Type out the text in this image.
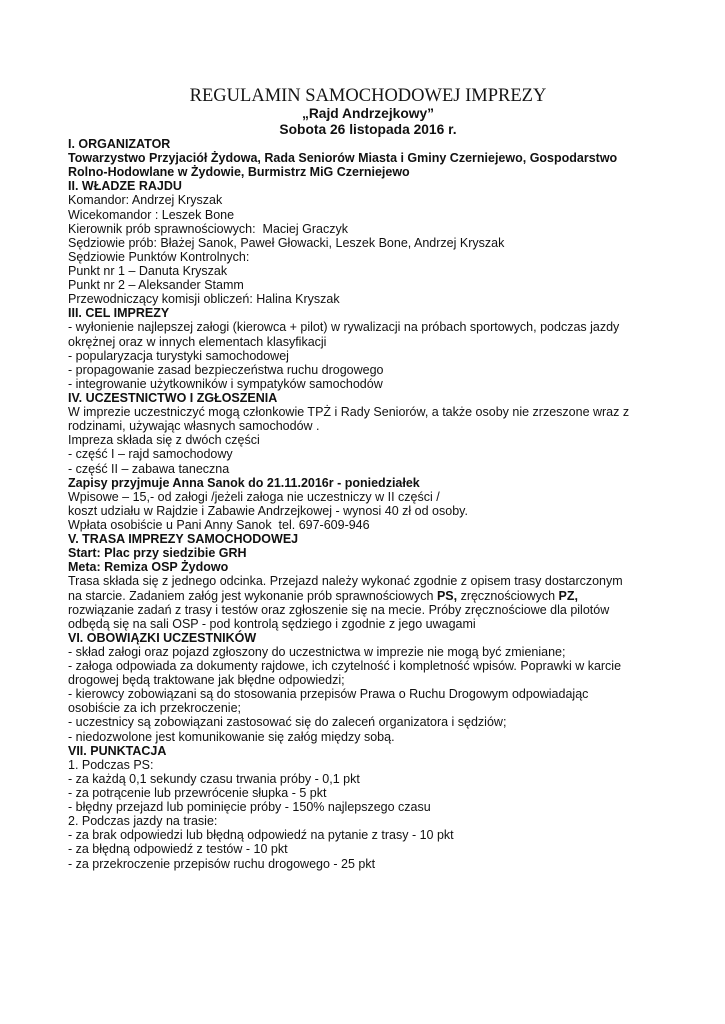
REGULAMIN SAMOCHODOWEJ IMPREZY
„Rajd Andrzejkowy”
Sobota 26 listopada 2016 r.
I. ORGANIZATOR
Towarzystwo Przyjaciół Żydowa, Rada Seniorów Miasta i Gminy Czerniejewo, Gospodarstwo
Rolno-Hodowlane w Żydowie, Burmistrz MiG Czerniejewo
II. WŁADZE RAJDU
Komandor: Andrzej Kryszak
Wicekomandor : Leszek Bone
Kierownik prób sprawnościowych:  Maciej Graczyk
Sędziowie prób: Błażej Sanok, Paweł Głowacki, Leszek Bone, Andrzej Kryszak
Sędziowie Punktów Kontrolnych:
Punkt nr 1 – Danuta Kryszak
Punkt nr 2 – Aleksander Stamm
Przewodniczący komisji obliczeń: Halina Kryszak
III. CEL IMPREZY
- wyłonienie najlepszej załogi (kierowca + pilot) w rywalizacji na próbach sportowych, podczas jazdy
okrężnej oraz w innych elementach klasyfikacji
- popularyzacja turystyki samochodowej
- propagowanie zasad bezpieczeństwa ruchu drogowego
- integrowanie użytkowników i sympatyków samochodów
IV. UCZESTNICTWO I ZGŁOSZENIA
W imprezie uczestniczyć mogą członkowie TPŻ i Rady Seniorów, a także osoby nie zrzeszone wraz z
rodzinami, używając własnych samochodów .
Impreza składa się z dwóch części
- część I – rajd samochodowy
- część II – zabawa taneczna
Zapisy przyjmuje Anna Sanok do 21.11.2016r - poniedziałek
Wpisowe – 15,- od załogi /jeżeli załoga nie uczestniczy w II części /
koszt udziału w Rajdzie i Zabawie Andrzejkowej - wynosi 40 zł od osoby.
Wpłata osobiście u Pani Anny Sanok  tel. 697-609-946
V. TRASA IMPREZY SAMOCHODOWEJ
Start: Plac przy siedzibie GRH
Meta: Remiza OSP Żydowo
Trasa składa się z jednego odcinka. Przejazd należy wykonać zgodnie z opisem trasy dostarczonym
na starcie. Zadaniem załóg jest wykonanie prób sprawnościowych PS, zręcznościowych PZ,
rozwiązanie zadań z trasy i testów oraz zgłoszenie się na mecie. Próby zręcznościowe dla pilotów
odbędą się na sali OSP - pod kontrolą sędziego i zgodnie z jego uwagami
VI. OBOWIĄZKI UCZESTNIKÓW
- skład załogi oraz pojazd zgłoszony do uczestnictwa w imprezie nie mogą być zmieniane;
- załoga odpowiada za dokumenty rajdowe, ich czytelność i kompletność wpisów. Poprawki w karcie
drogowej będą traktowane jak błędne odpowiedzi;
- kierowcy zobowiązani są do stosowania przepisów Prawa o Ruchu Drogowym odpowiadając
osobiście za ich przekroczenie;
- uczestnicy są zobowiązani zastosować się do zaleceń organizatora i sędziów;
- niedozwolone jest komunikowanie się załóg między sobą.
VII. PUNKTACJA
1. Podczas PS:
- za każdą 0,1 sekundy czasu trwania próby - 0,1 pkt
- za potrącenie lub przewrócenie słupka - 5 pkt
- błędny przejazd lub pominięcie próby - 150% najlepszego czasu
2. Podczas jazdy na trasie:
- za brak odpowiedzi lub błędną odpowiedź na pytanie z trasy - 10 pkt
- za błędną odpowiedź z testów - 10 pkt
- za przekroczenie przepisów ruchu drogowego - 25 pkt
